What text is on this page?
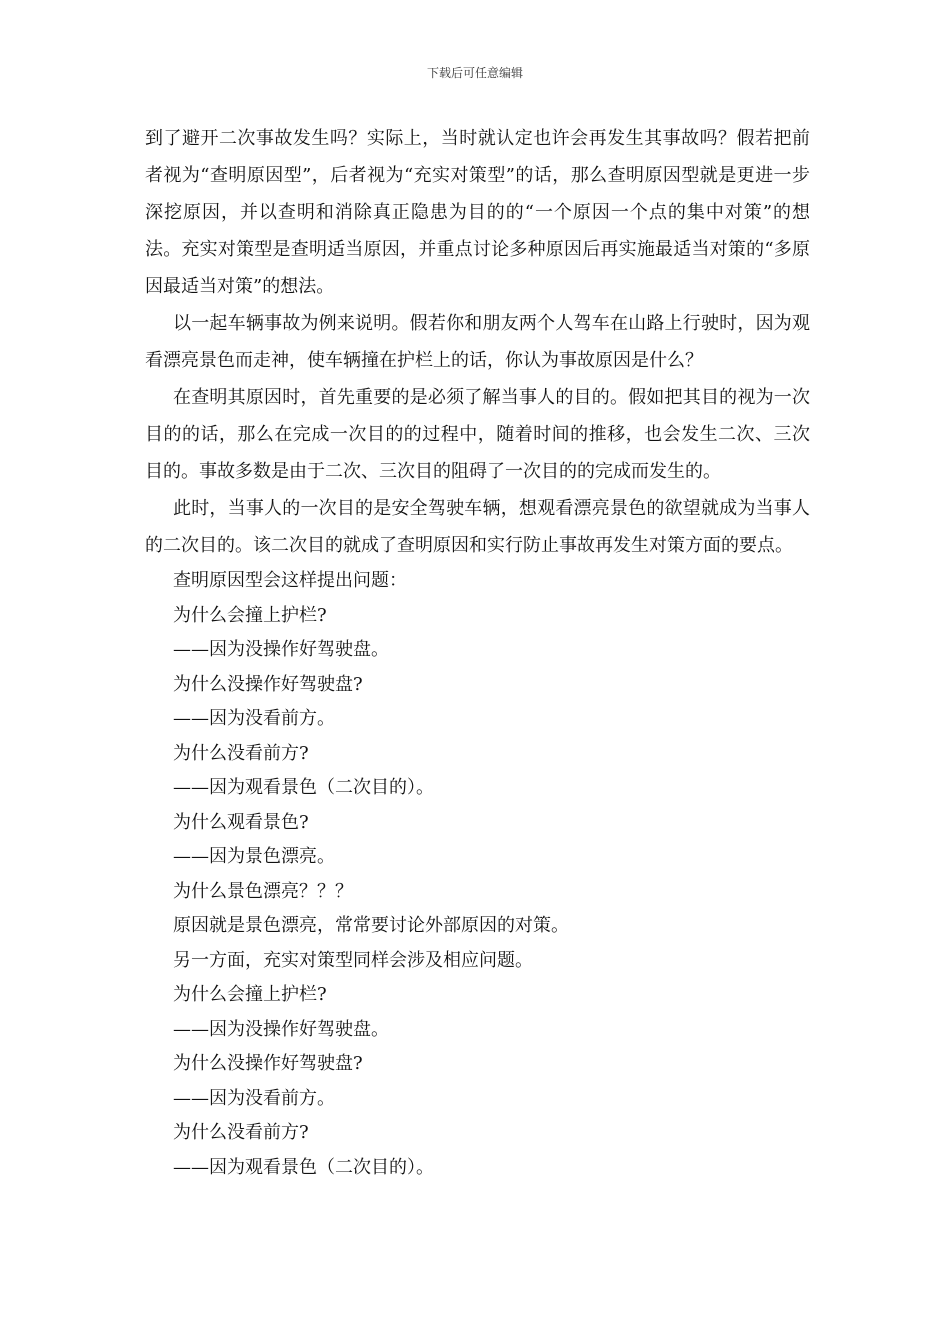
下载后可任意编辑

到了避开二次事故发生吗？实际上，当时就认定也许会再发生其事故吗？假若把前者视为“查明原因型”，后者视为“充实对策型”的话，那么查明原因型就是更进一步深挖原因，并以查明和消除真正隐患为目的的“一个原因一个点的集中对策”的想法。充实对策型是查明适当原因，并重点讨论多种原因后再实施最适当对策的“多原因最适当对策”的想法。

以一起车辆事故为例来说明。假若你和朋友两个人驾车在山路上行驶时，因为观看漂亮景色而走神，使车辆撞在护栏上的话，你认为事故原因是什么？

在查明其原因时，首先重要的是必须了解当事人的目的。假如把其目的视为一次目的的话，那么在完成一次目的的过程中，随着时间的推移，也会发生二次、三次目的。事故多数是由于二次、三次目的阻碍了一次目的的完成而发生的。

此时，当事人的一次目的是安全驾驶车辆，想观看漂亮景色的欲望就成为当事人的二次目的。该二次目的就成了查明原因和实行防止事故再发生对策方面的要点。

查明原因型会这样提出问题：

为什么会撞上护栏?

——因为没操作好驾驶盘。

为什么没操作好驾驶盘?

——因为没看前方。

为什么没看前方?

——因为观看景色（二次目的）。

为什么观看景色?

——因为景色漂亮。

为什么景色漂亮？？？

原因就是景色漂亮，常常要讨论外部原因的对策。

另一方面，充实对策型同样会涉及相应问题。

为什么会撞上护栏?

——因为没操作好驾驶盘。

为什么没操作好驾驶盘?

——因为没看前方。

为什么没看前方?

——因为观看景色（二次目的）。
